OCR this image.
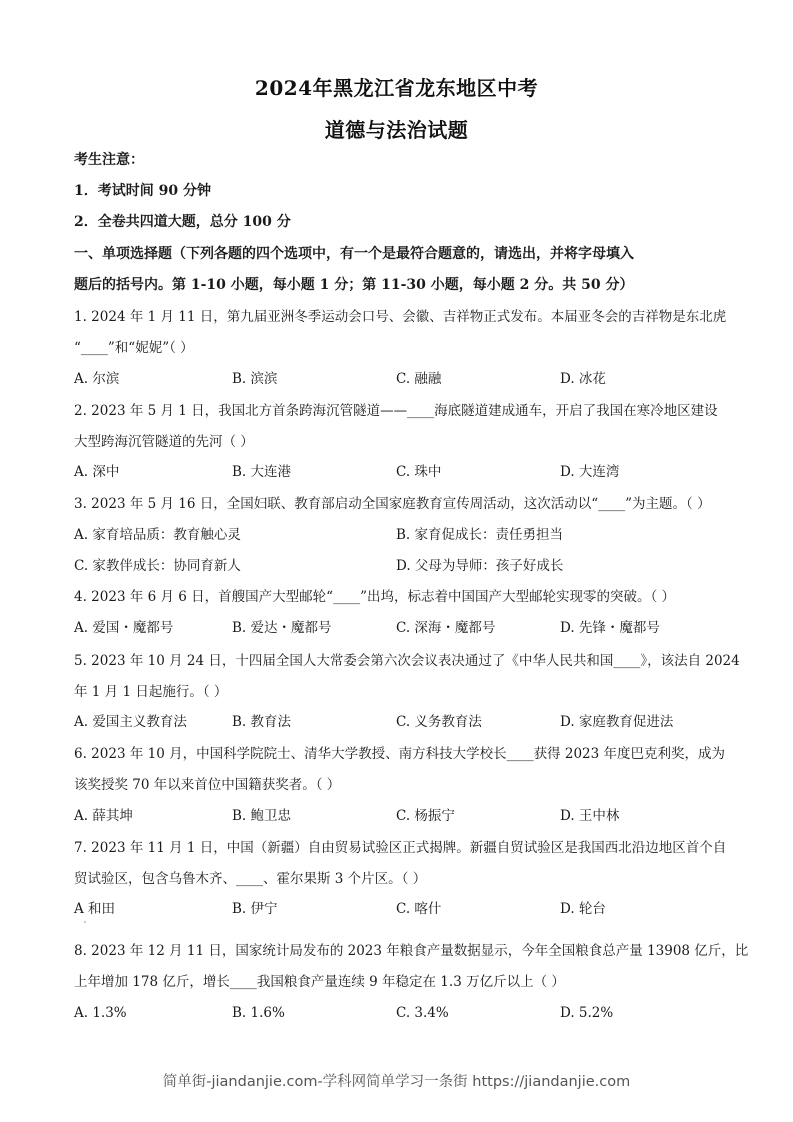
2024年黑龙江省龙东地区中考
道德与法治试题
考生注意：
1．考试时间 90 分钟
2．全卷共四道大题，总分 100 分
一、单项选择题（下列各题的四个选项中，有一个是最符合题意的，请选出，并将字母填入
题后的括号内。第 1-10 小题，每小题 1 分；第 11-30 小题，每小题 2 分。共 50 分）
1. 2024 年 1 月 11 日，第九届亚洲冬季运动会口号、会徽、吉祥物正式发布。本届亚冬会的吉祥物是东北虎
“____”和“妮妮”（ ）
A. 尔滨	B. 滨滨	C. 融融	D. 冰花
2. 2023 年 5 月 1 日，我国北方首条跨海沉管隧道——____海底隧道建成通车，开启了我国在寒冷地区建设
大型跨海沉管隧道的先河（ ）
A. 深中	B. 大连港	C. 珠中	D. 大连湾
3. 2023 年 5 月 16 日，全国妇联、教育部启动全国家庭教育宣传周活动，这次活动以“____”为主题。（ ）
A. 家育培品质：教育触心灵	B. 家育促成长：责任勇担当
C. 家教伴成长：协同育新人	D. 父母为导师：孩子好成长
4. 2023 年 6 月 6 日，首艘国产大型邮轮“____”出坞，标志着中国国产大型邮轮实现零的突破。（ ）
A. 爱国・魔都号	B. 爱达・魔都号	C. 深海・魔都号	D. 先锋・魔都号
5. 2023 年 10 月 24 日，十四届全国人大常委会第六次会议表决通过了《中华人民共和国____》，该法自 2024
年 1 月 1 日起施行。（ ）
A. 爱国主义教育法	B. 教育法	C. 义务教育法	D. 家庭教育促进法
6. 2023 年 10 月，中国科学院院士、清华大学教授、南方科技大学校长____获得 2023 年度巴克利奖，成为
该奖授奖 70 年以来首位中国籍获奖者。（ ）
A. 薛其坤	B. 鲍卫忠	C. 杨振宁	D. 王中林
7. 2023 年 11 月 1 日，中国（新疆）自由贸易试验区正式揭牌。新疆自贸试验区是我国西北沿边地区首个自
贸试验区，包含乌鲁木齐、____、霍尔果斯 3 个片区。（ ）
A 和田	B. 伊宁	C. 喀什	D. 轮台
8. 2023 年 12 月 11 日，国家统计局发布的 2023 年粮食产量数据显示，今年全国粮食总产量 13908 亿斤，比
上年增加 178 亿斤，增长____我国粮食产量连续 9 年稳定在 1.3 万亿斤以上（ ）
A. 1.3%	B. 1.6%	C. 3.4%	D. 5.2%
简单街-jiandanjie.com-学科网简单学习一条街 https://jiandanjie.com
